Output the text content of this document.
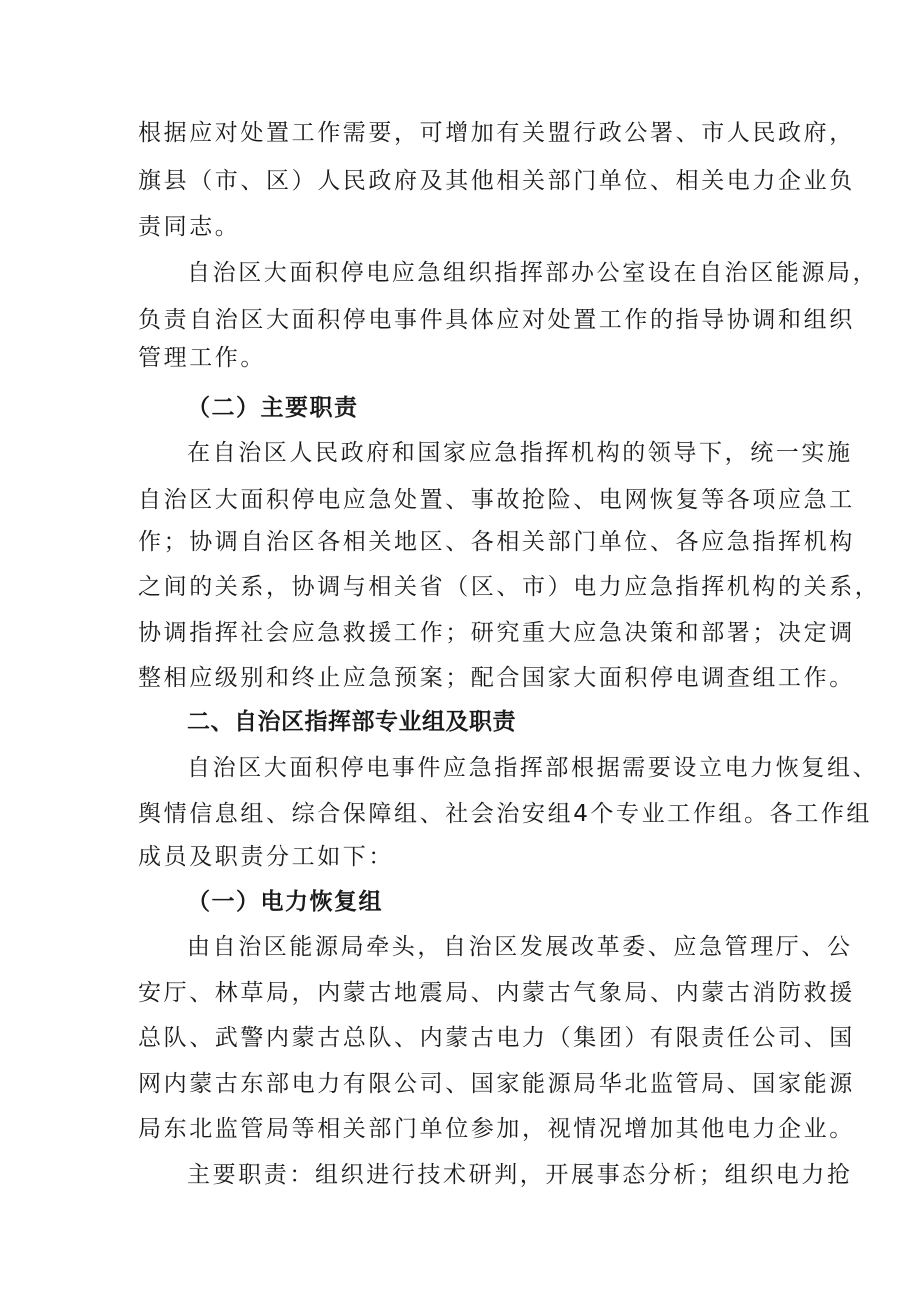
根据应对处置工作需要，可增加有关盟行政公署、市人民政府，
旗县（市、区）人民政府及其他相关部门单位、相关电力企业负
责同志。
自治区大面积停电应急组织指挥部办公室设在自治区能源局，
负责自治区大面积停电事件具体应对处置工作的指导协调和组织
管理工作。
（二）主要职责
在自治区人民政府和国家应急指挥机构的领导下，统一实施
自治区大面积停电应急处置、事故抢险、电网恢复等各项应急工
作；协调自治区各相关地区、各相关部门单位、各应急指挥机构
之间的关系，协调与相关省（区、市）电力应急指挥机构的关系，
协调指挥社会应急救援工作；研究重大应急决策和部署；决定调
整相应级别和终止应急预案；配合国家大面积停电调查组工作。
二、自治区指挥部专业组及职责
自治区大面积停电事件应急指挥部根据需要设立电力恢复组、
舆情信息组、综合保障组、社会治安组4个专业工作组。各工作组
成员及职责分工如下：
（一）电力恢复组
由自治区能源局牵头，自治区发展改革委、应急管理厅、公
安厅、林草局，内蒙古地震局、内蒙古气象局、内蒙古消防救援
总队、武警内蒙古总队、内蒙古电力（集团）有限责任公司、国
网内蒙古东部电力有限公司、国家能源局华北监管局、国家能源
局东北监管局等相关部门单位参加，视情况增加其他电力企业。
主要职责：组织进行技术研判，开展事态分析；组织电力抢
